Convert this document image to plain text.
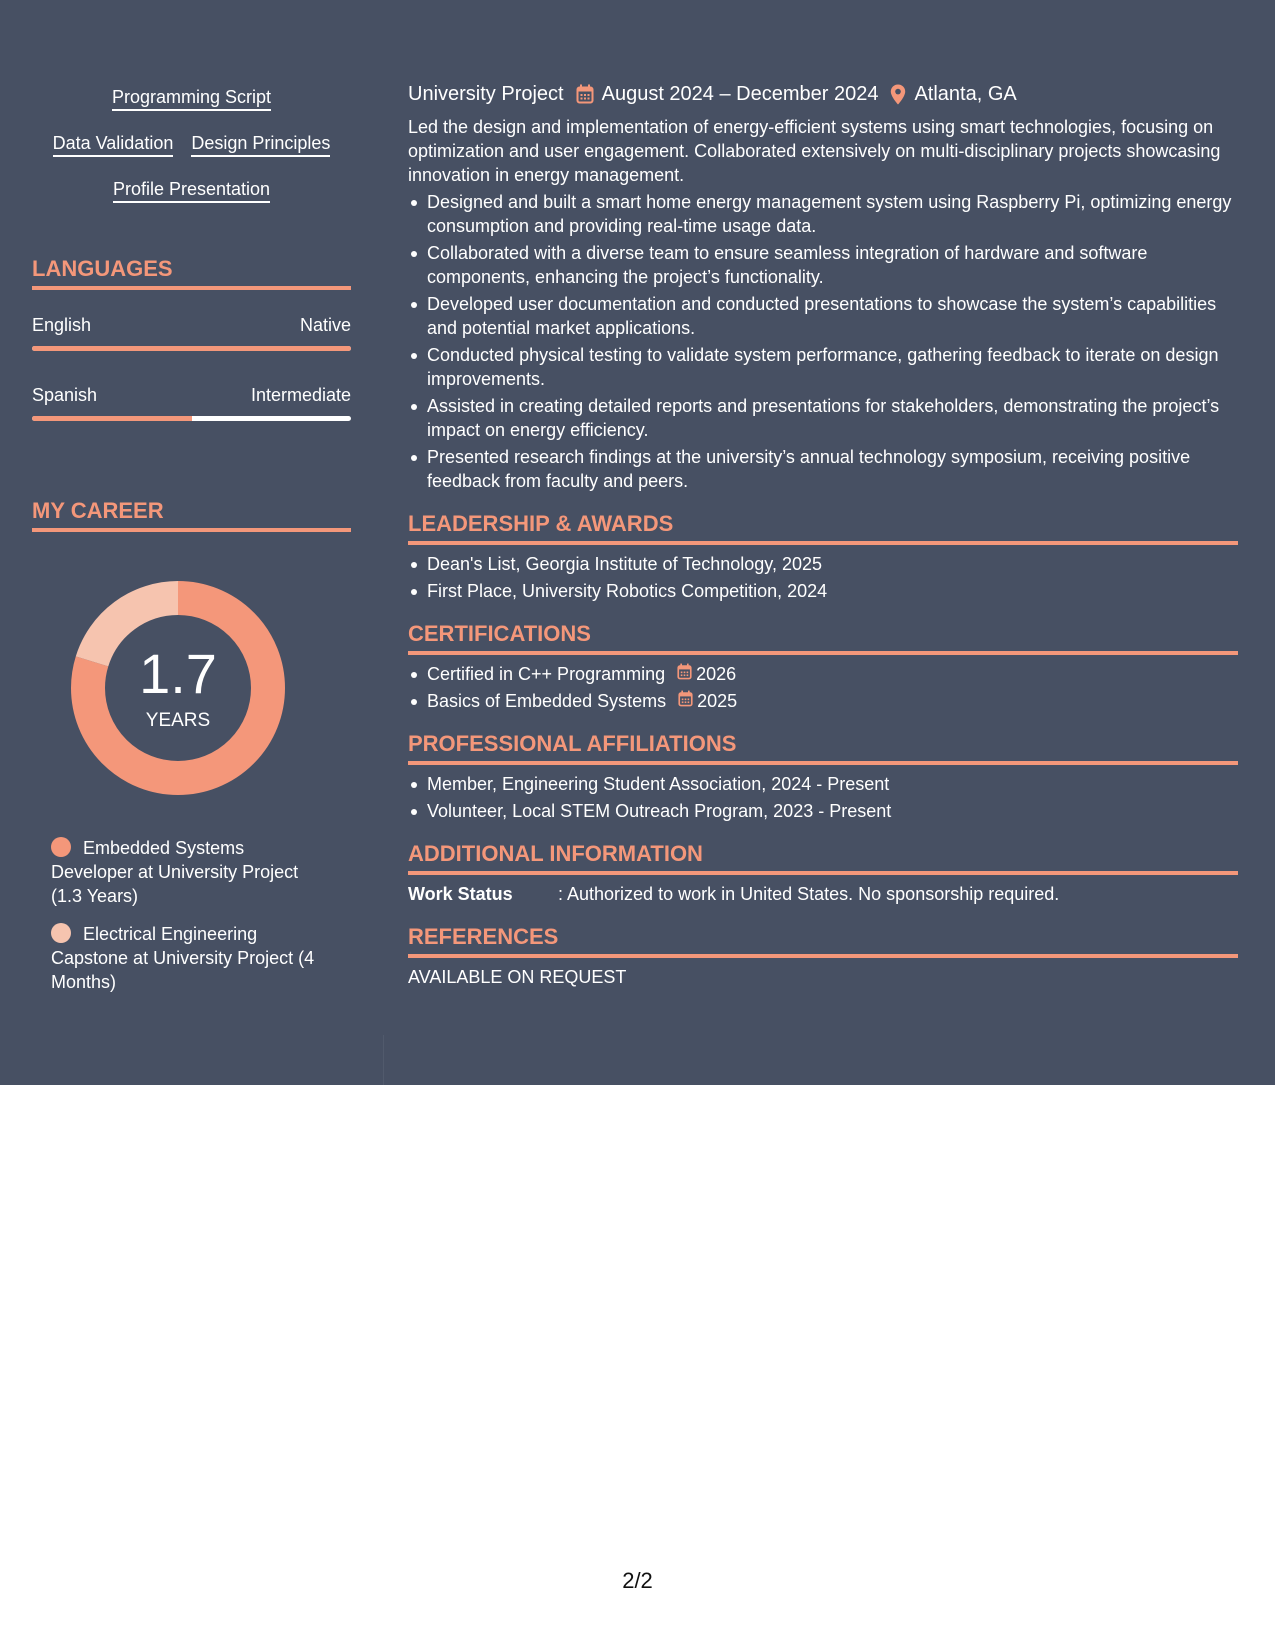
Programming Script
Data Validation Design Principles
Profile Presentation
LANGUAGES
English	Native
Spanish	Intermediate
MY CAREER
1.7
YEARS
Embedded Systems Developer at University Project (1.3 Years)
Electrical Engineering Capstone at University Project (4 Months)
University Project August 2024 – December 2024 Atlanta, GA
Led the design and implementation of energy-efficient systems using smart technologies, focusing on optimization and user engagement. Collaborated extensively on multi-disciplinary projects showcasing innovation in energy management.
Designed and built a smart home energy management system using Raspberry Pi, optimizing energy consumption and providing real-time usage data.
Collaborated with a diverse team to ensure seamless integration of hardware and software components, enhancing the project’s functionality.
Developed user documentation and conducted presentations to showcase the system’s capabilities and potential market applications.
Conducted physical testing to validate system performance, gathering feedback to iterate on design improvements.
Assisted in creating detailed reports and presentations for stakeholders, demonstrating the project’s impact on energy efficiency.
Presented research findings at the university’s annual technology symposium, receiving positive feedback from faculty and peers.
LEADERSHIP & AWARDS
Dean's List, Georgia Institute of Technology, 2025
First Place, University Robotics Competition, 2024
CERTIFICATIONS
Certified in C++ Programming 2026
Basics of Embedded Systems 2025
PROFESSIONAL AFFILIATIONS
Member, Engineering Student Association, 2024 - Present
Volunteer, Local STEM Outreach Program, 2023 - Present
ADDITIONAL INFORMATION
Work Status	: Authorized to work in United States. No sponsorship required.
REFERENCES
AVAILABLE ON REQUEST
2/2
